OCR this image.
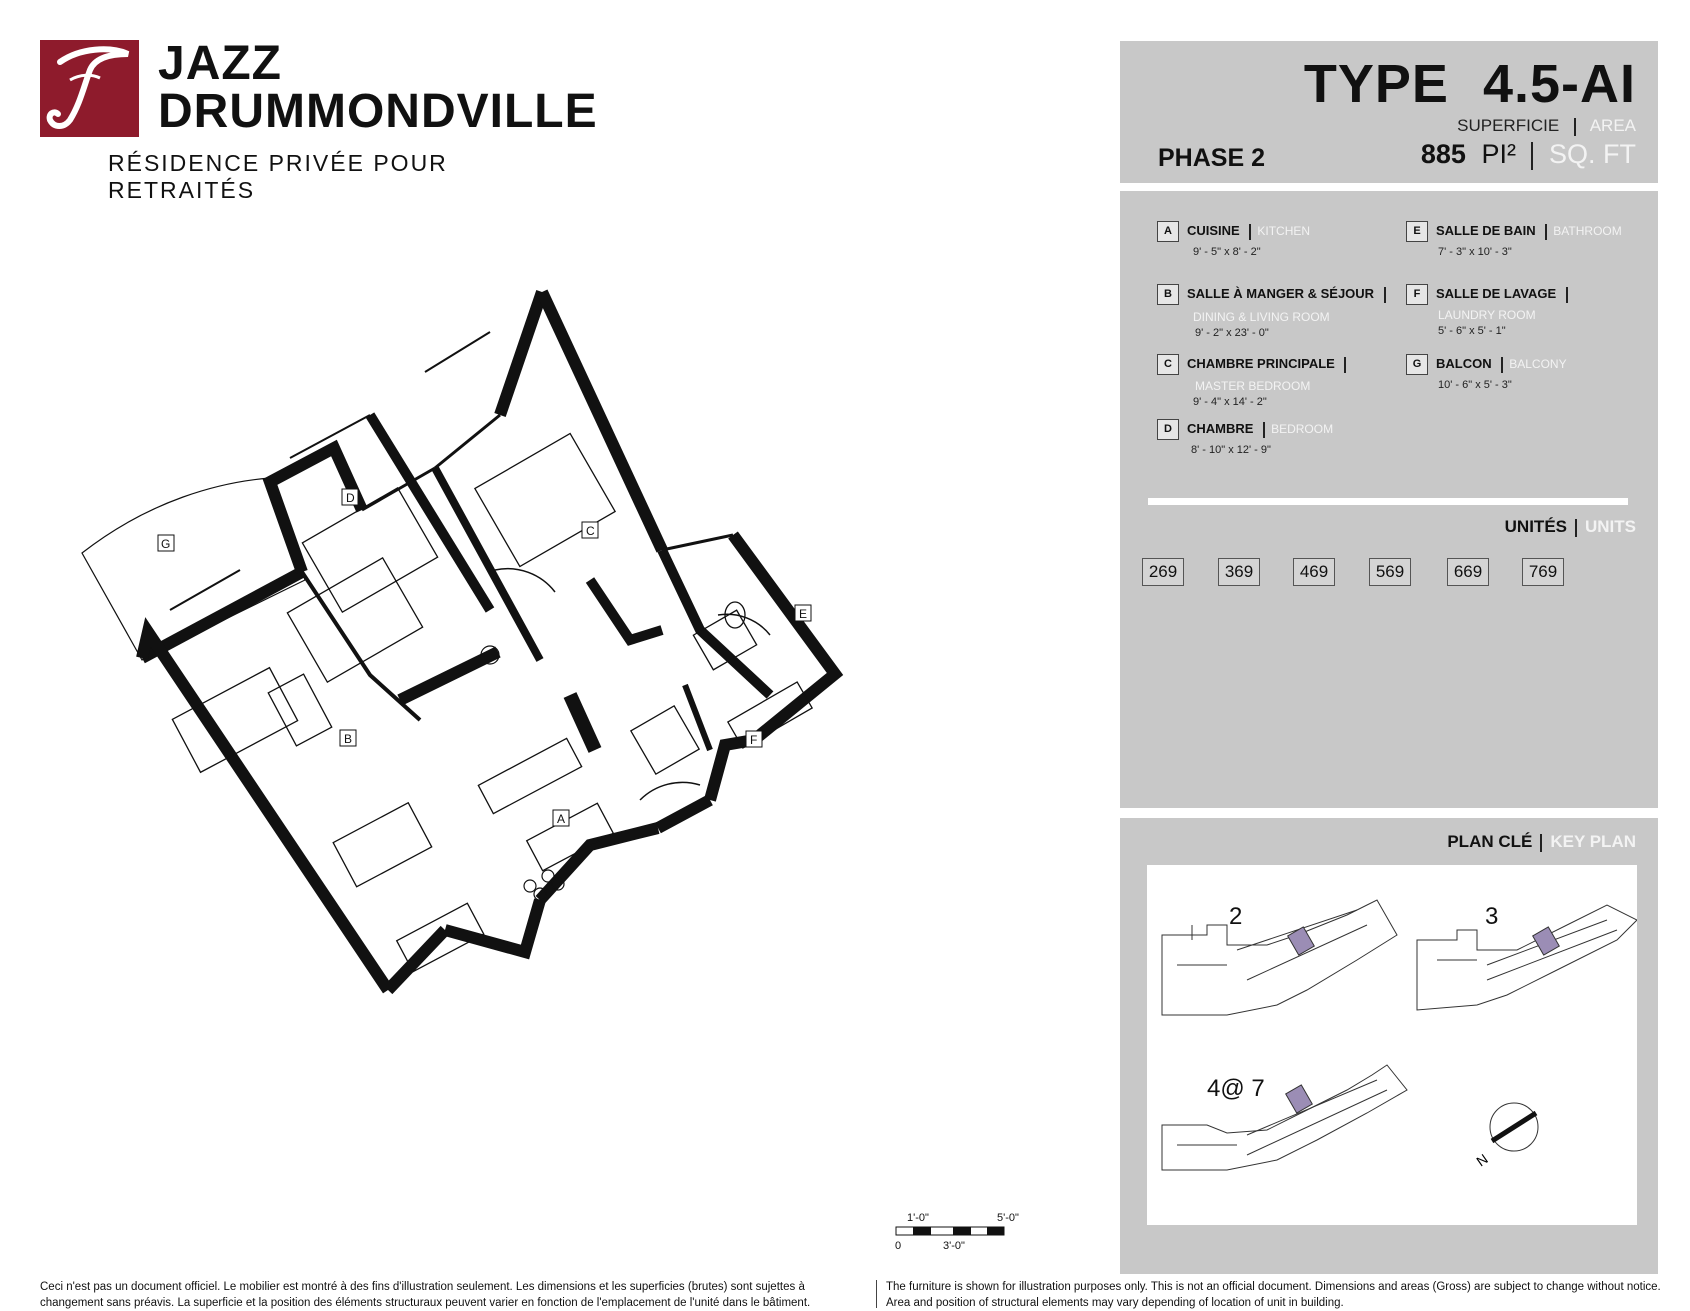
JAZZ
DRUMMONDVILLE
RÉSIDENCE PRIVÉE POUR RETRAITÉS
A
B
C
D
E
F
G
TYPE 4.5-AI
SUPERFICIE AREA
PHASE 2	885 PI² SQ. FT
A CUISINE KITCHEN
9' - 5" x 8' - 2"
B SALLE À MANGER & SÉJOUR
DINING & LIVING ROOM
9' - 2" x 23' - 0"
C CHAMBRE PRINCIPALE
MASTER BEDROOM
9' - 4" x 14' - 2"
D CHAMBRE BEDROOM
8' - 10" x 12' - 9"
E SALLE DE BAIN BATHROOM
7' - 3" x 10' - 3"
F SALLE DE LAVAGE
LAUNDRY ROOM
5' - 6" x 5' - 1"
G BALCON BALCONY
10' - 6" x 5' - 3"
UNITÉS UNITS
269	369	469	569	669	769
PLAN CLÉ KEY PLAN
2	3
4@ 7
N
1'-0"	5'-0"
0	3'-0"
Ceci n'est pas un document officiel. Le mobilier est montré à des fins d'illustration seulement. Les dimensions et les superficies (brutes) sont sujettes à changement sans préavis. La superficie et la position des éléments structuraux peuvent varier en fonction de l'emplacement de l'unité dans le bâtiment.
The furniture is shown for illustration purposes only. This is not an official document. Dimensions and areas (Gross) are subject to change without notice. Area and position of structural elements may vary depending of location of unit in building.
